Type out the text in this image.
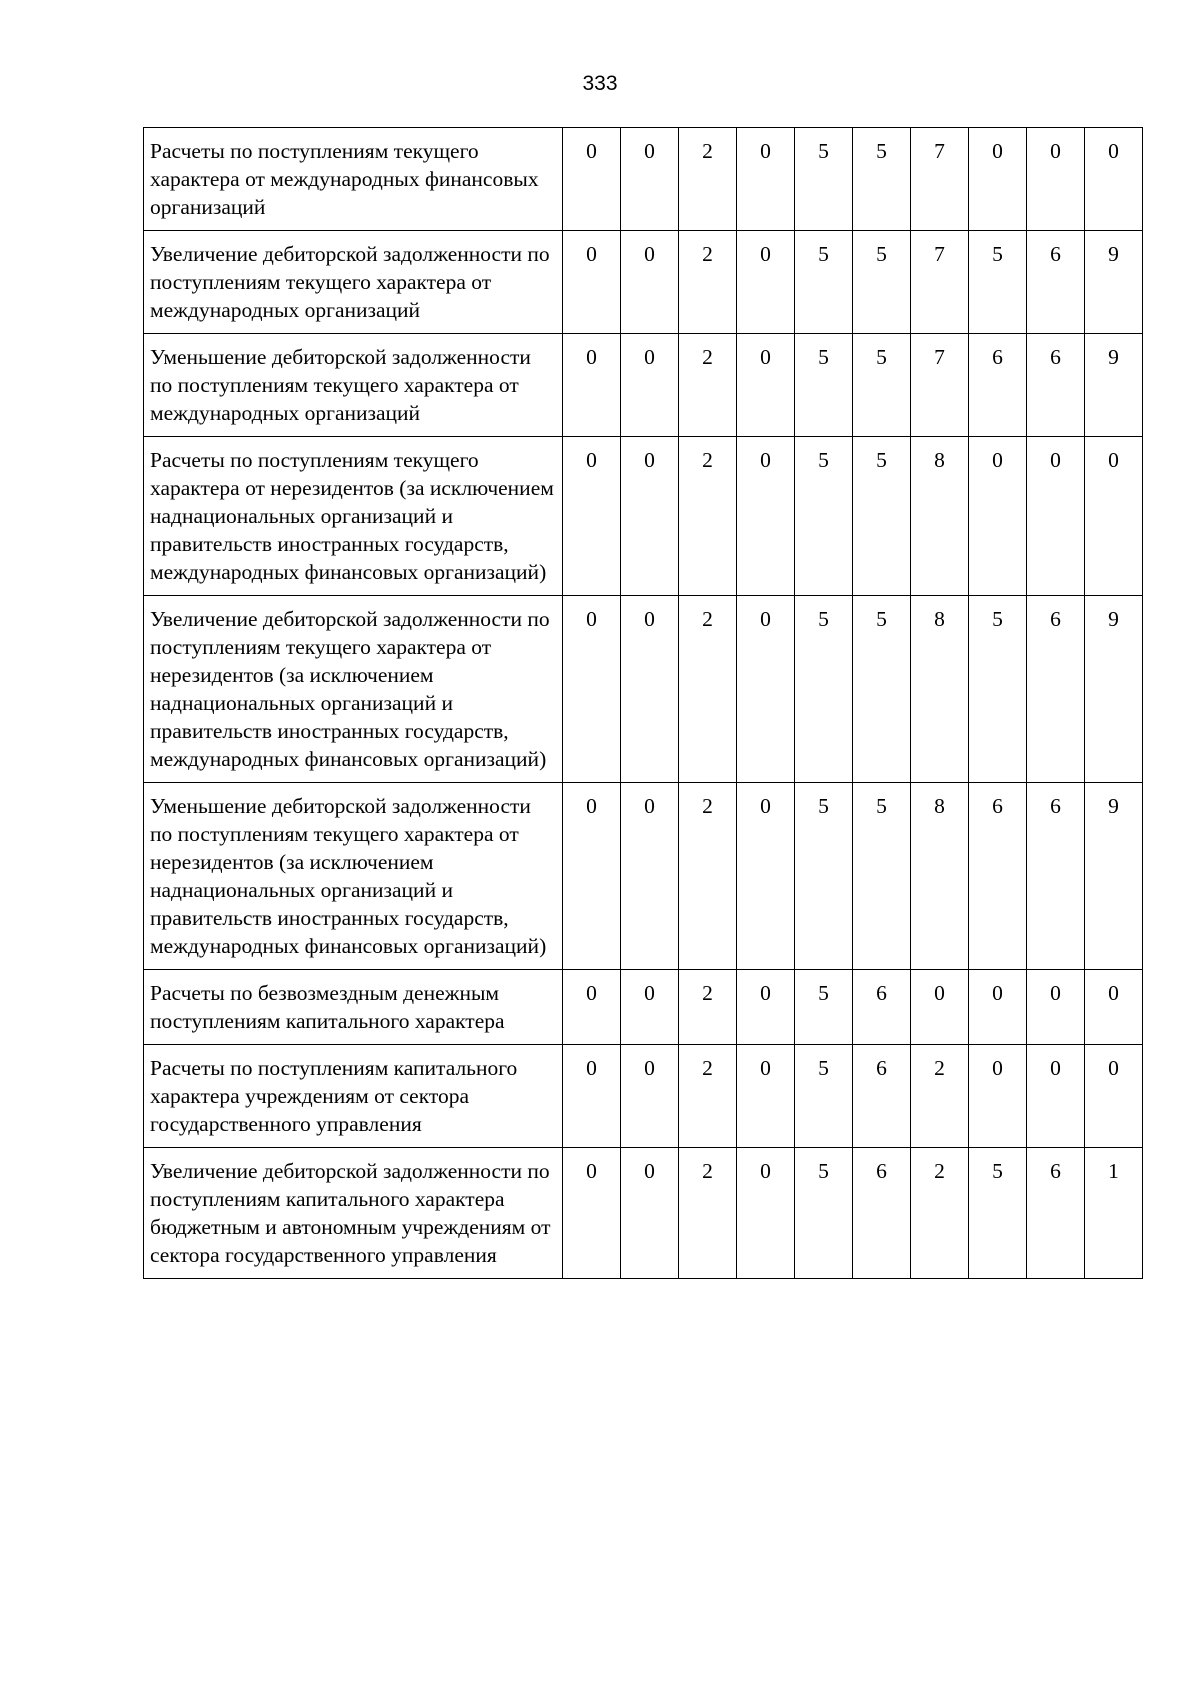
333
Расчеты по поступлениям текущего характера от международных финансовых организаций	0	0	2	0	5	5	7	0	0	0
Увеличение дебиторской задолженности по поступлениям текущего характера от международных организаций	0	0	2	0	5	5	7	5	6	9
Уменьшение дебиторской задолженности по поступлениям текущего характера от международных организаций	0	0	2	0	5	5	7	6	6	9
Расчеты по поступлениям текущего характера от нерезидентов (за исключением наднациональных организаций и правительств иностранных государств, международных финансовых организаций)	0	0	2	0	5	5	8	0	0	0
Увеличение дебиторской задолженности по поступлениям текущего характера от нерезидентов (за исключением наднациональных организаций и правительств иностранных государств, международных финансовых организаций)	0	0	2	0	5	5	8	5	6	9
Уменьшение дебиторской задолженности по поступлениям текущего характера от нерезидентов (за исключением наднациональных организаций и правительств иностранных государств, международных финансовых организаций)	0	0	2	0	5	5	8	6	6	9
Расчеты по безвозмездным денежным поступлениям капитального характера	0	0	2	0	5	6	0	0	0	0
Расчеты по поступлениям капитального характера учреждениям от сектора государственного управления	0	0	2	0	5	6	2	0	0	0
Увеличение дебиторской задолженности по поступлениям капитального характера бюджетным и автономным учреждениям от сектора государственного управления	0	0	2	0	5	6	2	5	6	1
